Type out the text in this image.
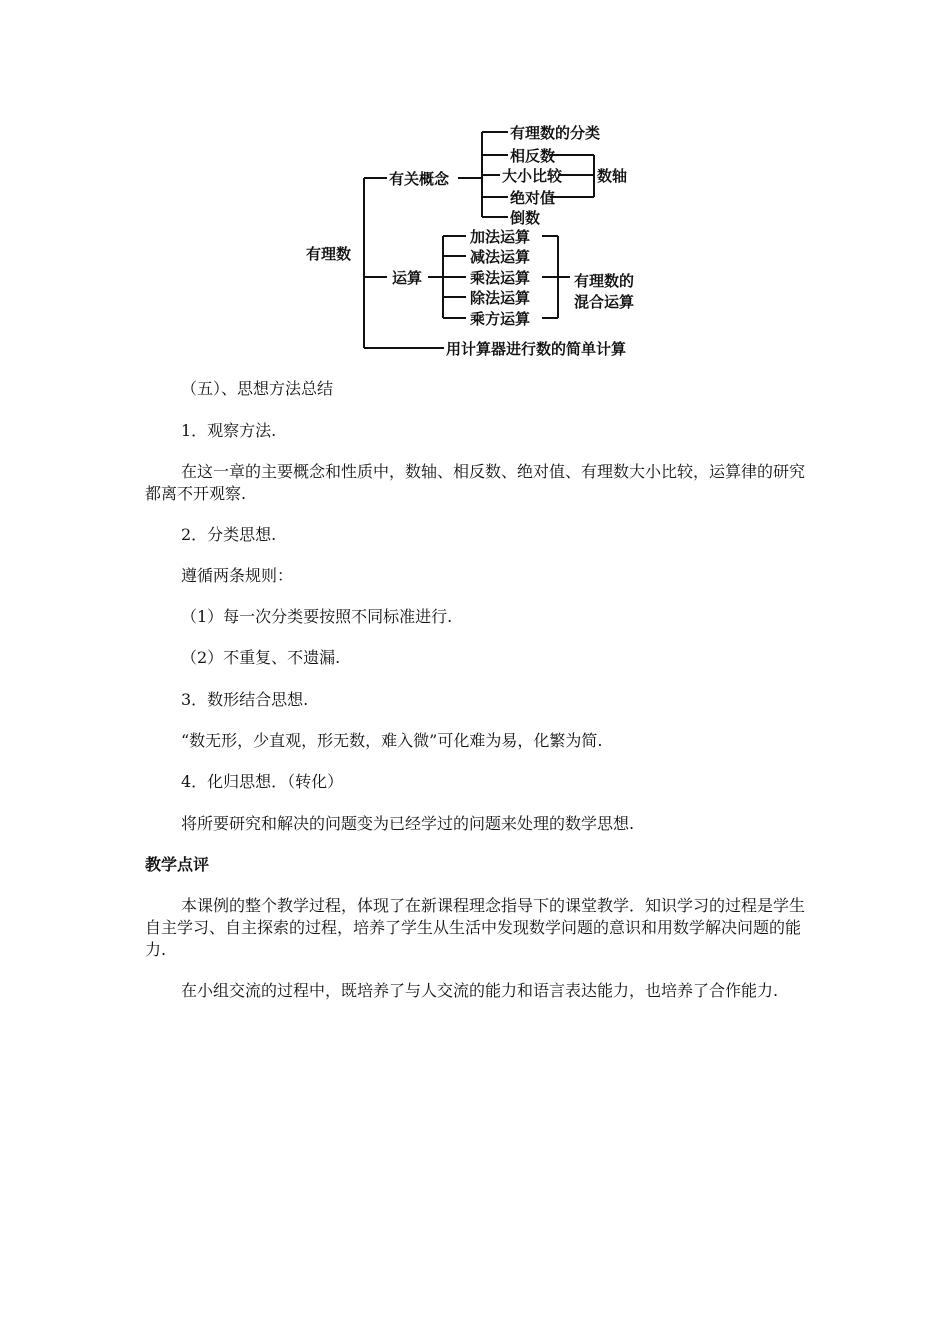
有理数
有关概念
有理数的分类
相反数
大小比较
绝对值
倒数
数轴
运算
加法运算
减法运算
乘法运算
除法运算
乘方运算
有理数的
混合运算
用计算器进行数的简单计算
（五）、思想方法总结
1．观察方法.
在这一章的主要概念和性质中，数轴、相反数、绝对值、有理数大小比较，运算律的研究都离不开观察.
2．分类思想.
遵循两条规则：
（1）每一次分类要按照不同标准进行.
（2）不重复、不遗漏.
3．数形结合思想.
“数无形，少直观，形无数，难入微”可化难为易，化繁为简.
4．化归思想．（转化）
将所要研究和解决的问题变为已经学过的问题来处理的数学思想.
教学点评
本课例的整个教学过程，体现了在新课程理念指导下的课堂教学．知识学习的过程是学生自主学习、自主探索的过程，培养了学生从生活中发现数学问题的意识和用数学解决问题的能力.
在小组交流的过程中，既培养了与人交流的能力和语言表达能力，也培养了合作能力.
